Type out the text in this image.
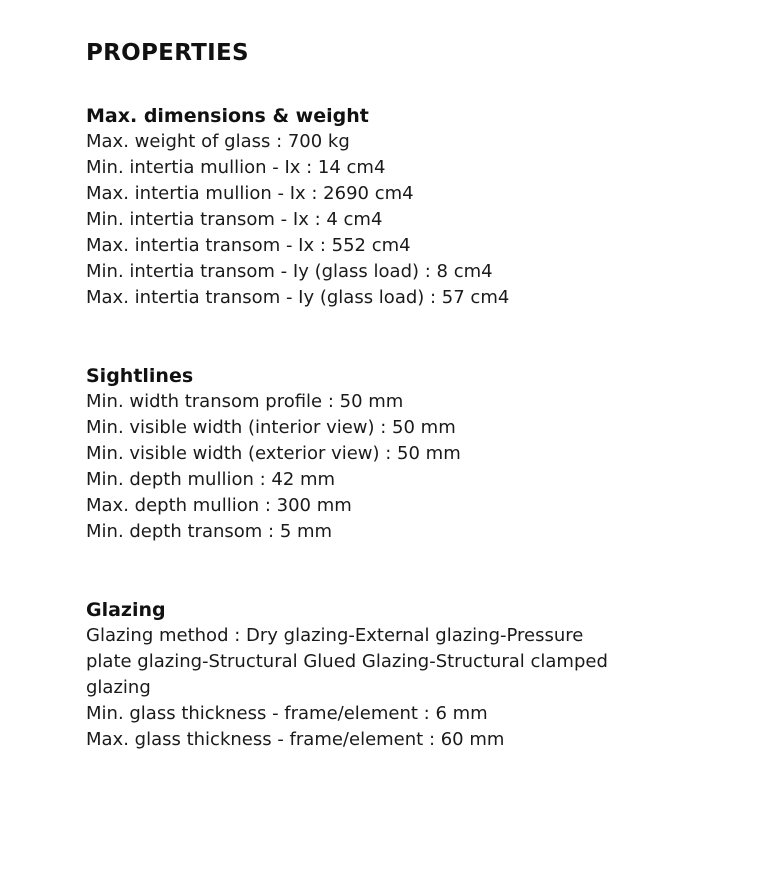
PROPERTIES
Max. dimensions & weight
Max. weight of glass : 700 kg
Min. intertia mullion - Ix : 14 cm4
Max. intertia mullion - Ix : 2690 cm4
Min. intertia transom - Ix : 4 cm4
Max. intertia transom - Ix : 552 cm4
Min. intertia transom - Iy (glass load) : 8 cm4
Max. intertia transom - Iy (glass load) : 57 cm4
Sightlines
Min. width transom profile : 50 mm
Min. visible width (interior view) : 50 mm
Min. visible width (exterior view) : 50 mm
Min. depth mullion : 42 mm
Max. depth mullion : 300 mm
Min. depth transom : 5 mm
Glazing
Glazing method : Dry glazing-External glazing-Pressure plate glazing-Structural Glued Glazing-Structural clamped glazing
Min. glass thickness - frame/element : 6 mm
Max. glass thickness - frame/element : 60 mm
